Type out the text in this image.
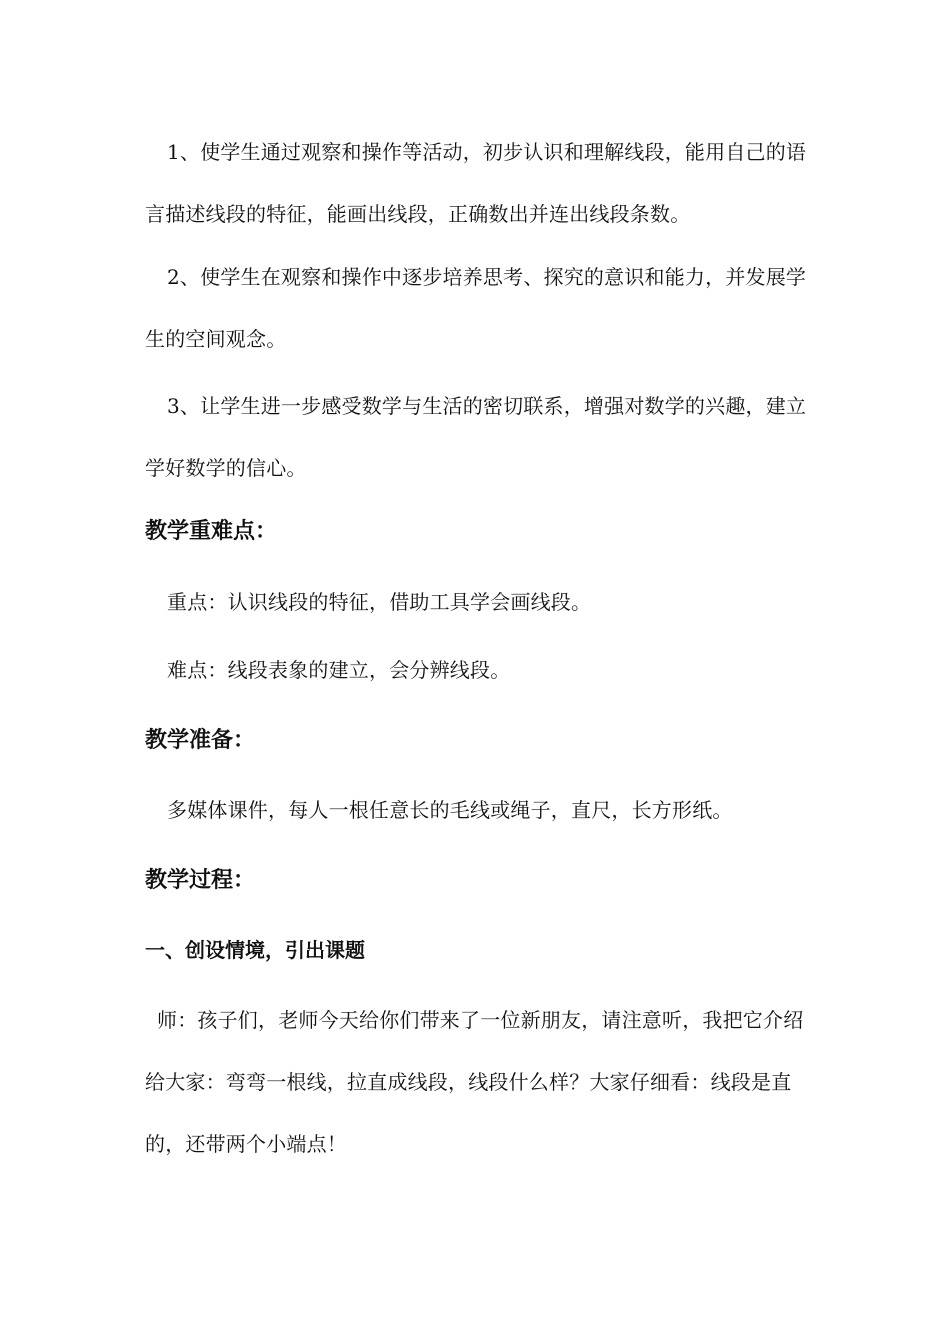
1、使学生通过观察和操作等活动，初步认识和理解线段，能用自己的语言描述线段的特征，能画出线段，正确数出并连出线段条数。

2、使学生在观察和操作中逐步培养思考、探究的意识和能力，并发展学生的空间观念。

3、让学生进一步感受数学与生活的密切联系，增强对数学的兴趣，建立学好数学的信心。

教学重难点：

重点：认识线段的特征，借助工具学会画线段。

难点：线段表象的建立，会分辨线段。

教学准备：

多媒体课件，每人一根任意长的毛线或绳子，直尺，长方形纸。

教学过程：
一、创设情境，引出课题

师：孩子们，老师今天给你们带来了一位新朋友，请注意听，我把它介绍给大家：弯弯一根线，拉直成线段，线段什么样？大家仔细看：线段是直的，还带两个小端点！
